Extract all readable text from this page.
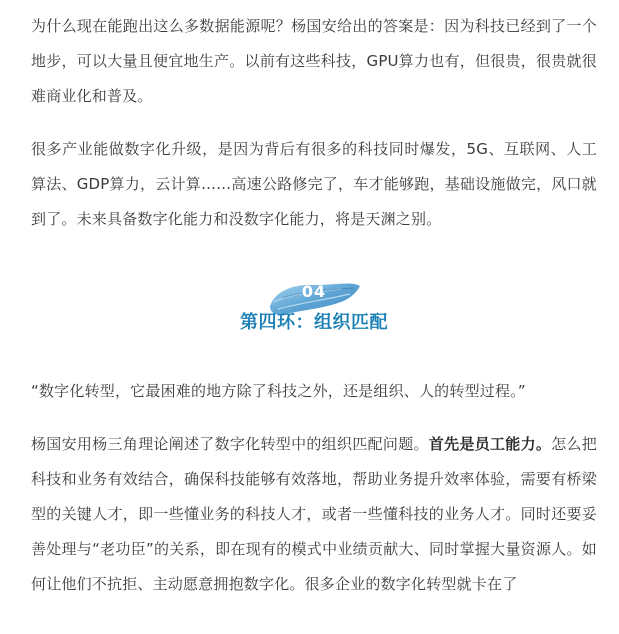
为什么现在能跑出这么多数据能源呢？杨国安给出的答案是：因为科技已经到了一个地步，可以大量且便宜地生产。以前有这些科技，GPU算力也有，但很贵，很贵就很难商业化和普及。

很多产业能做数字化升级，是因为背后有很多的科技同时爆发，5G、互联网、人工算法、GDP算力，云计算……高速公路修完了，车才能够跑，基础设施做完，风口就到了。未来具备数字化能力和没数字化能力，将是天渊之别。

04
第四环：组织匹配

“数字化转型，它最困难的地方除了科技之外，还是组织、人的转型过程。”

杨国安用杨三角理论阐述了数字化转型中的组织匹配问题。首先是员工能力。怎么把科技和业务有效结合，确保科技能够有效落地，帮助业务提升效率体验，需要有桥梁型的关键人才，即一些懂业务的科技人才，或者一些懂科技的业务人才。同时还要妥善处理与“老功臣”的关系，即在现有的模式中业绩贡献大、同时掌握大量资源人。如何让他们不抗拒、主动愿意拥抱数字化。很多企业的数字化转型就卡在了
